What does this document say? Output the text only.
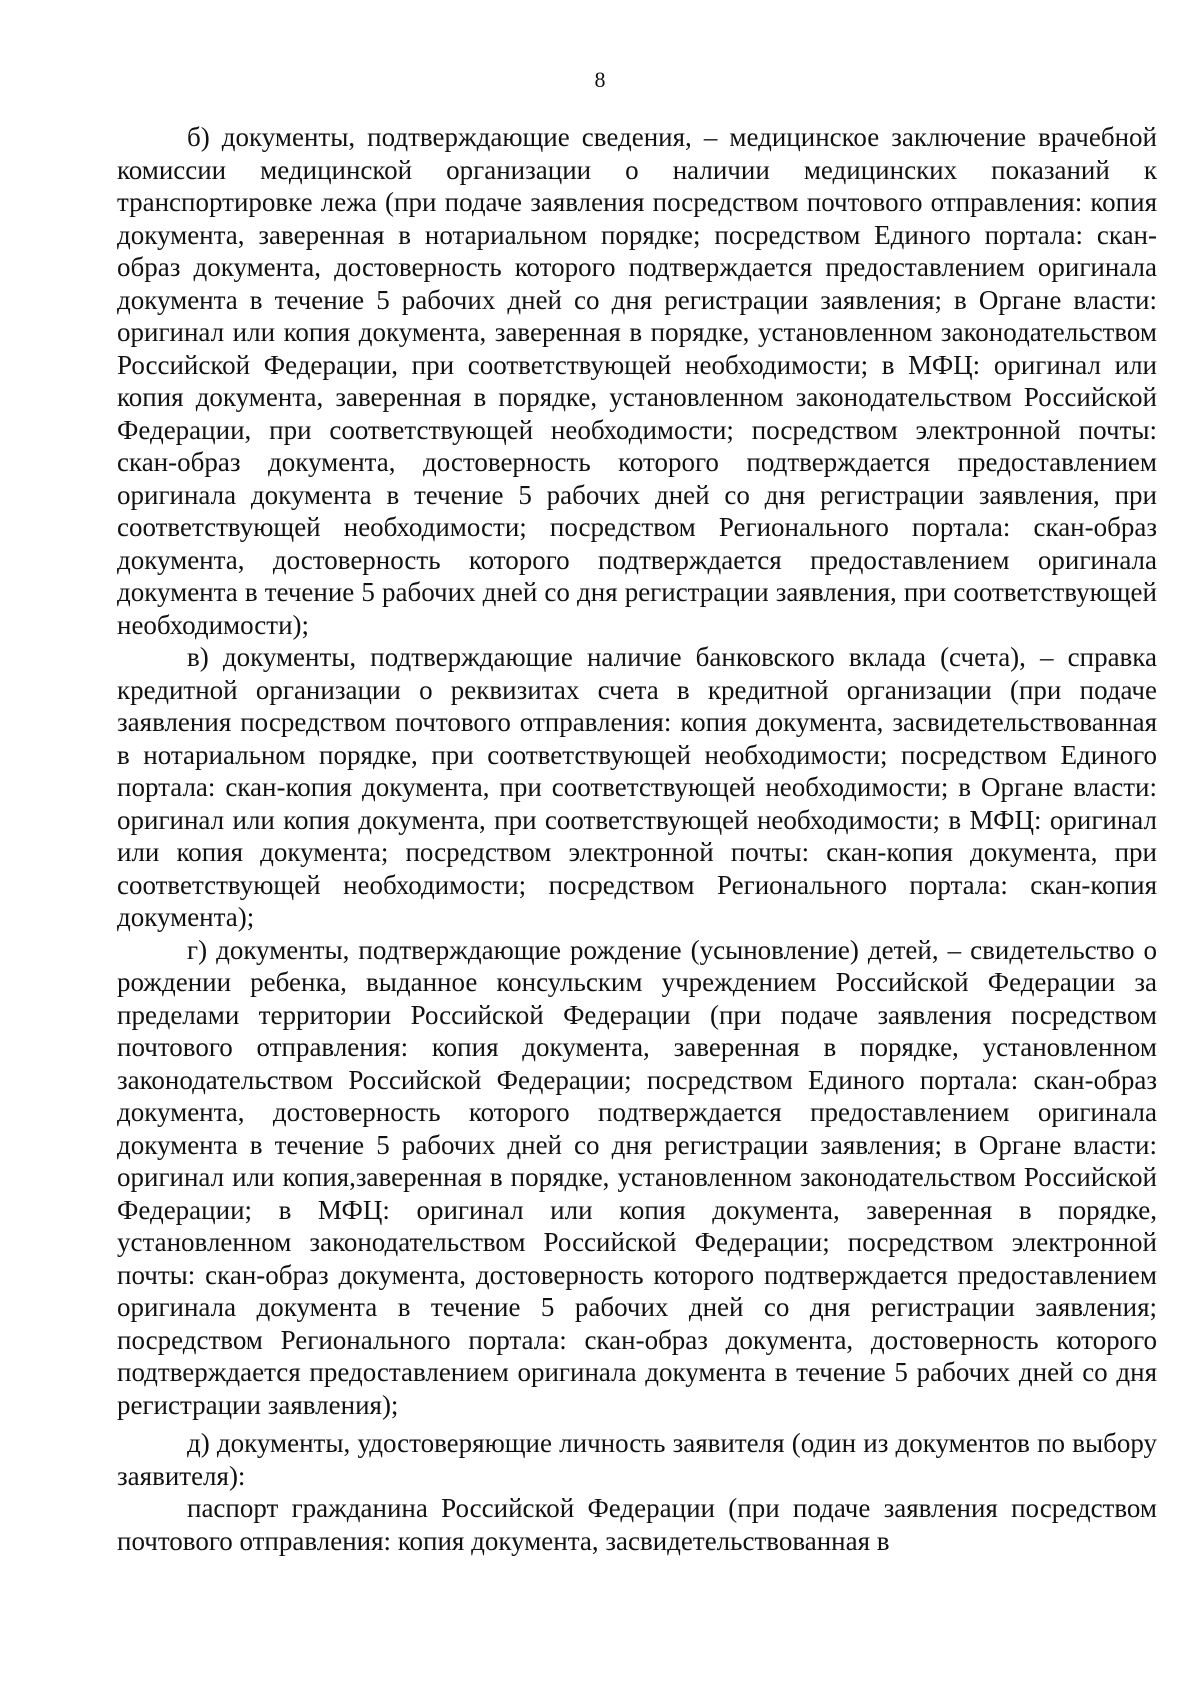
8

б) документы, подтверждающие сведения, – медицинское заключение врачебной комиссии медицинской организации о наличии медицинских показаний к транспортировке лежа (при подаче заявления посредством почтового отправления: копия документа, заверенная в нотариальном порядке; посредством Единого портала: скан-образ документа, достоверность которого подтверждается предоставлением оригинала документа в течение 5 рабочих дней со дня регистрации заявления; в Органе власти: оригинал или копия документа, заверенная в порядке, установленном законодательством Российской Федерации, при соответствующей необходимости; в МФЦ: оригинал или копия документа, заверенная в порядке, установленном законодательством Российской Федерации, при соответствующей необходимости; посредством электронной почты: скан-образ документа, достоверность которого подтверждается предоставлением оригинала документа в течение 5 рабочих дней со дня регистрации заявления, при соответствующей необходимости; посредством Регионального портала: скан-образ документа, достоверность которого подтверждается предоставлением оригинала документа в течение 5 рабочих дней со дня регистрации заявления, при соответствующей необходимости);

в) документы, подтверждающие наличие банковского вклада (счета), – справка кредитной организации о реквизитах счета в кредитной организации (при подаче заявления посредством почтового отправления: копия документа, засвидетельствованная в нотариальном порядке, при соответствующей необходимости; посредством Единого портала: скан-копия документа, при соответствующей необходимости; в Органе власти: оригинал или копия документа, при соответствующей необходимости; в МФЦ: оригинал или копия документа; посредством электронной почты: скан-копия документа, при соответствующей необходимости; посредством Регионального портала: скан-копия документа);

г) документы, подтверждающие рождение (усыновление) детей, – свидетельство о рождении ребенка, выданное консульским учреждением Российской Федерации за пределами территории Российской Федерации (при подаче заявления посредством почтового отправления: копия документа, заверенная в порядке, установленном законодательством Российской Федерации; посредством Единого портала: скан-образ документа, достоверность которого подтверждается предоставлением оригинала документа в течение 5 рабочих дней со дня регистрации заявления; в Органе власти: оригинал или копия,заверенная в порядке, установленном законодательством Российской Федерации; в МФЦ: оригинал или копия документа, заверенная в порядке, установленном законодательством Российской Федерации; посредством электронной почты: скан-образ документа, достоверность которого подтверждается предоставлением оригинала документа в течение 5 рабочих дней со дня регистрации заявления; посредством Регионального портала: скан-образ документа, достоверность которого подтверждается предоставлением оригинала документа в течение 5 рабочих дней со дня регистрации заявления);

д) документы, удостоверяющие личность заявителя (один из документов по выбору заявителя):

паспорт гражданина Российской Федерации (при подаче заявления посредством почтового отправления: копия документа, засвидетельствованная в
